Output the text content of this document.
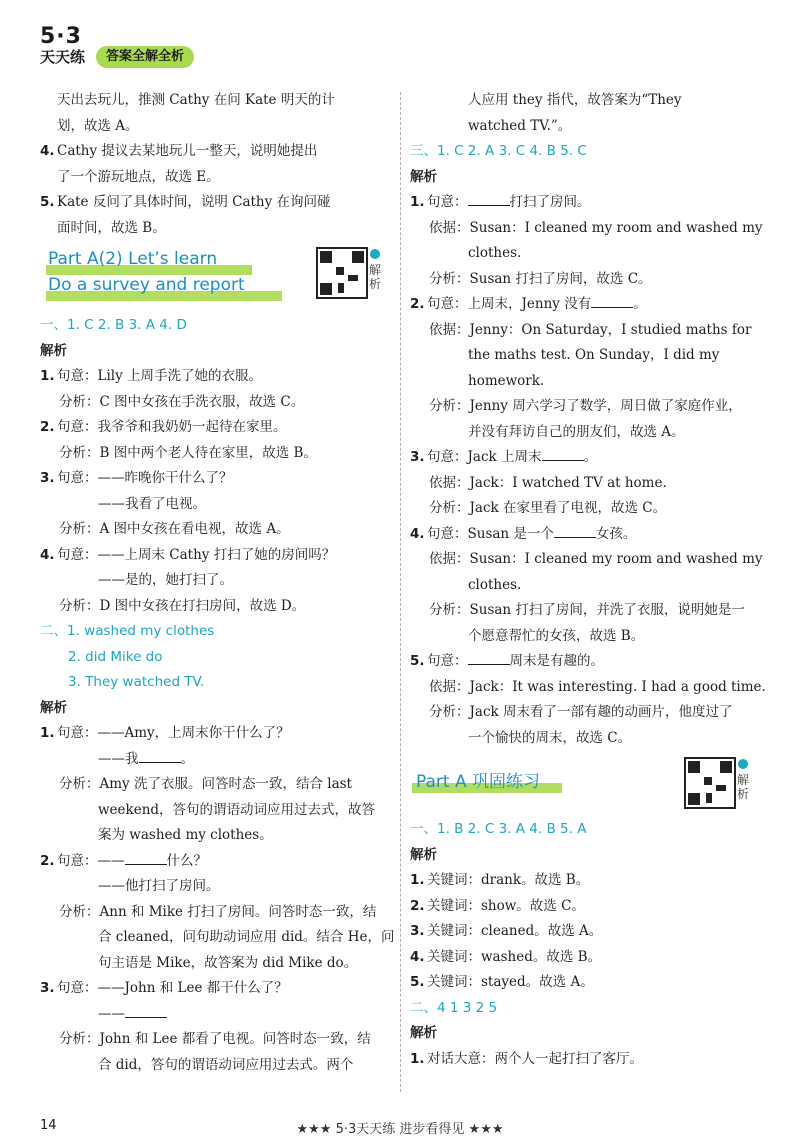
5·3
天天练	答案全解全析
天出去玩儿，推测 Cathy 在问 Kate 明天的计
划，故选 A。
4. Cathy 提议去某地玩儿一整天，说明她提出
了一个游玩地点，故选 E。
5. Kate 反问了具体时间，说明 Cathy 在询问碰
面时间，故选 B。
Part A(2) Let’s learn
Do a survey and report
解析
一、1. C 2. B 3. A 4. D
解析
1. 句意：Lily 上周手洗了她的衣服。
分析：C 图中女孩在手洗衣服，故选 C。
2. 句意：我爷爷和我奶奶一起待在家里。
分析：B 图中两个老人待在家里，故选 B。
3. 句意：——昨晚你干什么了？
——我看了电视。
分析：A 图中女孩在看电视，故选 A。
4. 句意：——上周末 Cathy 打扫了她的房间吗？
——是的，她打扫了。
分析：D 图中女孩在打扫房间，故选 D。
二、1. washed my clothes
2. did Mike do
3. They watched TV.
解析
1. 句意：——Amy，上周末你干什么了？
——我	。
分析：Amy 洗了衣服。问答时态一致，结合 last
weekend，答句的谓语动词应用过去式，故答
案为 washed my clothes。
2. 句意：——	什么？
——他打扫了房间。
分析：Ann 和 Mike 打扫了房间。问答时态一致，结
合 cleaned，问句助动词应用 did。结合 He，问
句主语是 Mike，故答案为 did Mike do。
3. 句意：——John 和 Lee 都干什么了？
——
分析：John 和 Lee 都看了电视。问答时态一致，结
合 did，答句的谓语动词应用过去式。两个
人应用 they 指代，故答案为“They
watched TV.”。
三、1. C 2. A 3. C 4. B 5. C
解析
1. 句意：	打扫了房间。
依据：Susan：I cleaned my room and washed my
clothes.
分析：Susan 打扫了房间，故选 C。
2. 句意：上周末，Jenny 没有	。
依据：Jenny：On Saturday，I studied maths for
the maths test. On Sunday，I did my
homework.
分析：Jenny 周六学习了数学，周日做了家庭作业，
并没有拜访自己的朋友们，故选 A。
3. 句意：Jack 上周末	。
依据：Jack：I watched TV at home.
分析：Jack 在家里看了电视，故选 C。
4. 句意：Susan 是一个	女孩。
依据：Susan：I cleaned my room and washed my
clothes.
分析：Susan 打扫了房间，并洗了衣服，说明她是一
个愿意帮忙的女孩，故选 B。
5. 句意：	周末是有趣的。
依据：Jack：It was interesting. I had a good time.
分析：Jack 周末看了一部有趣的动画片，他度过了
一个愉快的周末，故选 C。
Part A 巩固练习	解析
一、1. B 2. C 3. A 4. B 5. A
解析
1. 关键词：drank。故选 B。
2. 关键词：show。故选 C。
3. 关键词：cleaned。故选 A。
4. 关键词：washed。故选 B。
5. 关键词：stayed。故选 A。
二、4 1 3 2 5
解析
1. 对话大意：两个人一起打扫了客厅。
14	★★★ 5·3天天练 进步看得见 ★★★
